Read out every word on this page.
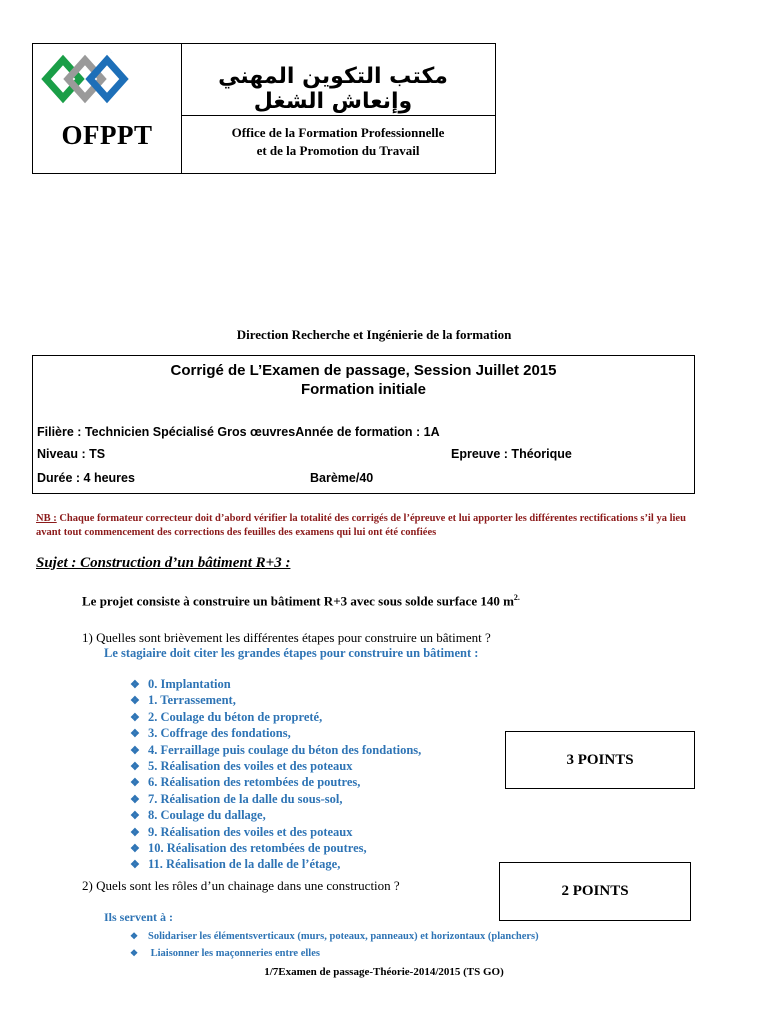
OFPPT
مكتب التكوين المهني وإنعاش الشغل
Office de la Formation Professionnelle
et de la Promotion du Travail
Direction Recherche et Ingénierie de la formation
Corrigé de L’Examen de passage, Session Juillet 2015
Formation initiale
Filière : Technicien Spécialisé Gros œuvresAnnée de formation : 1A
Niveau : TS	Epreuve : Théorique
Durée : 4 heures	Barème/40
NB : Chaque formateur correcteur doit d’abord vérifier la totalité des corrigés de l’épreuve et lui apporter les différentes rectifications s’il ya lieu avant tout commencement des corrections des feuilles des examens qui lui ont été confiées
Sujet : Construction d’un bâtiment R+3 :
Le projet consiste à construire un bâtiment R+3 avec sous solde surface 140 $m^{2.}$
1) Quelles sont brièvement les différentes étapes pour construire un bâtiment ?
Le stagiaire doit citer les grandes étapes pour construire un bâtiment :
❖ 0. Implantation
❖ 1. Terrassement,
❖ 2. Coulage du béton de propreté,
❖ 3. Coffrage des fondations,
❖ 4. Ferraillage puis coulage du béton des fondations,
❖ 5. Réalisation des voiles et des poteaux
❖ 6. Réalisation des retombées de poutres,
❖ 7. Réalisation de la dalle du sous-sol,
❖ 8. Coulage du dallage,
❖ 9. Réalisation des voiles et des poteaux
❖ 10. Réalisation des retombées de poutres,
❖ 11. Réalisation de la dalle de l’étage,
3 POINTS
2) Quels sont les rôles d’un chainage dans une construction ?	2 POINTS
Ils servent à :
❖ Solidariser les élémentsverticaux (murs, poteaux, panneaux) et horizontaux (planchers)
❖ Liaisonner les maçonneries entre elles
1/7Examen de passage-Théorie-2014/2015 (TS GO)
